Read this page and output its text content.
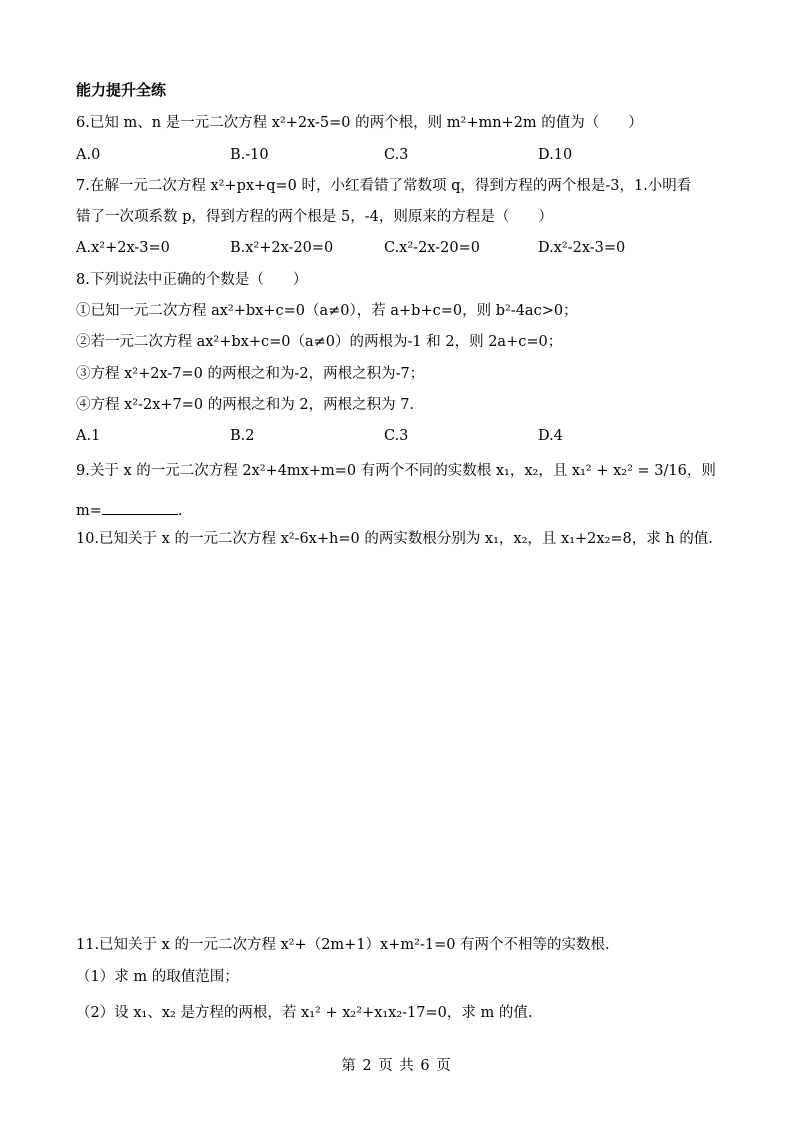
能力提升全练
6.已知 m、n 是一元二次方程 x²+2x-5=0 的两个根，则 m²+mn+2m 的值为（　　）
A.0	B.-10	C.3	D.10
7.在解一元二次方程 x²+px+q=0 时，小红看错了常数项 q，得到方程的两个根是-3，1.小明看
错了一次项系数 p，得到方程的两个根是 5，-4，则原来的方程是（　　）
A.x²+2x-3=0	B.x²+2x-20=0	C.x²-2x-20=0	D.x²-2x-3=0
8.下列说法中正确的个数是（　　）
①已知一元二次方程 ax²+bx+c=0（a≠0），若 a+b+c=0，则 b²-4ac>0；
②若一元二次方程 ax²+bx+c=0（a≠0）的两根为-1 和 2，则 2a+c=0；
③方程 x²+2x-7=0 的两根之和为-2，两根之积为-7；
④方程 x²-2x+7=0 的两根之和为 2，两根之积为 7.
A.1	B.2	C.3	D.4
9.关于 x 的一元二次方程 2x²+4mx+m=0 有两个不同的实数根 x₁，x₂，且 x₁² + x₂² = 3/16，则
m=	.
10.已知关于 x 的一元二次方程 x²-6x+h=0 的两实数根分别为 x₁，x₂，且 x₁+2x₂=8，求 h 的值.
11.已知关于 x 的一元二次方程 x²+（2m+1）x+m²-1=0 有两个不相等的实数根.
（1）求 m 的取值范围；
（2）设 x₁、x₂ 是方程的两根，若 x₁² + x₂²+x₁x₂-17=0，求 m 的值.
第 2 页 共 6 页
